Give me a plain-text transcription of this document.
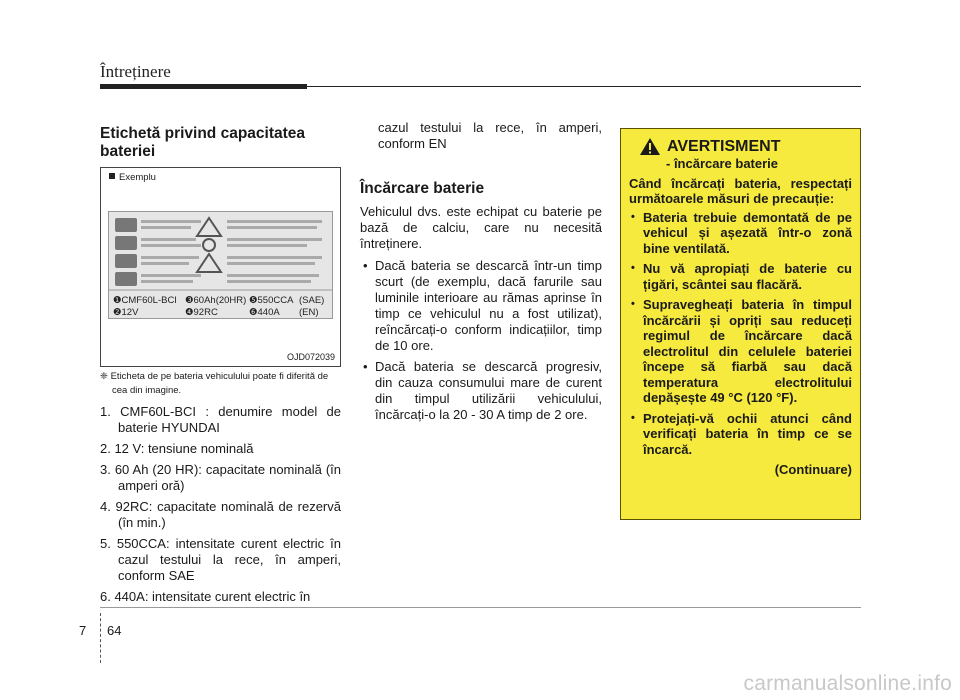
Întreținere
Etichetă privind capacitatea bateriei
Exemplu
❶CMF60L-BCI ❸60Ah(20HR) ❺550CCA (SAE)
❷12V	❹92RC	❻440A (EN)
OJD072039
❈ Eticheta de pe bateria vehiculului poate fi diferită de cea din imagine.
1. CMF60L-BCI : denumire model de baterie HYUNDAI
2. 12 V: tensiune nominală
3. 60 Ah (20 HR): capacitate nominală (în amperi oră)
4. 92RC: capacitate nominală de rezervă (în min.)
5. 550CCA: intensitate curent electric în cazul testului la rece, în amperi, conform SAE
6. 440A: intensitate curent electric în

cazul testului la rece, în amperi, conform EN

Încărcare baterie

Vehiculul dvs. este echipat cu baterie pe bază de calciu, care nu necesită întreținere.

• Dacă bateria se descarcă într-un timp scurt (de exemplu, dacă farurile sau luminile interioare au rămas aprinse în timp ce vehiculul nu a fost utilizat), reîncărcați-o conform indicațiilor, timp de 10 ore.
• Dacă bateria se descarcă progresiv, din cauza consumului mare de curent din timpul utilizării vehiculului, încărcați-o la 20 - 30 A timp de 2 ore.
AVERTISMENT
- încărcare baterie
Când încărcați bateria, respectați următoarele măsuri de precauție:
• Bateria trebuie demontată de pe vehicul și așezată într-o zonă bine ventilată.
• Nu vă apropiați de baterie cu țigări, scântei sau flacără.
• Supravegheați bateria în timpul încărcării și opriți sau reduceți regimul de încărcare dacă electrolitul din celulele bateriei începe să fiarbă sau dacă temperatura electrolitului depășește 49 °C (120 °F).
• Protejați-vă ochii atunci când verificați bateria în timp ce se încarcă.
(Continuare)
7 64
carmanualsonline.info
